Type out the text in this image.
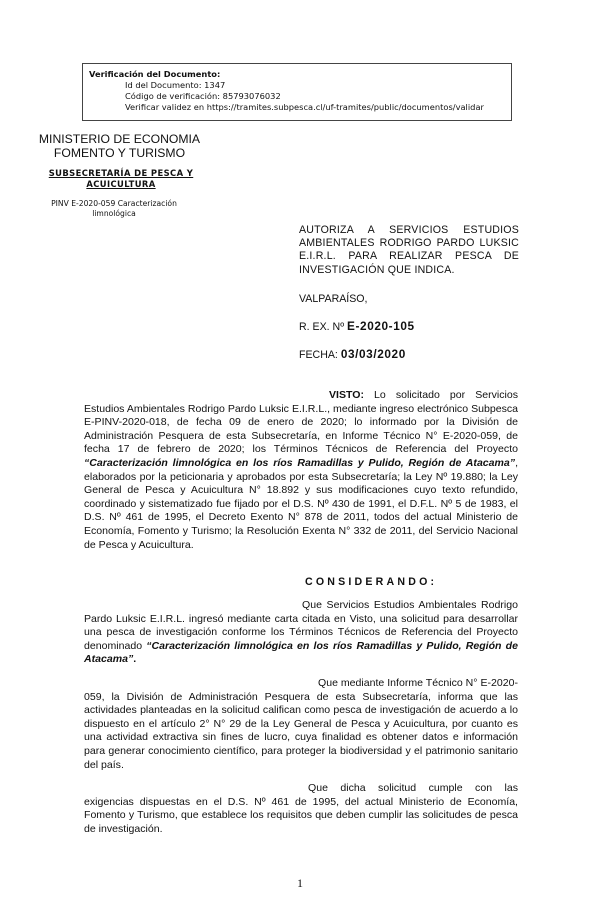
Verificación del Documento:
• Id del Documento: 1347
• Código de verificación: 85793076032
• Verificar validez en https://tramites.subpesca.cl/uf-tramites/public/documentos/validar
MINISTERIO DE ECONOMIA
FOMENTO Y TURISMO
SUBSECRETARÍA DE PESCA Y
ACUICULTURA
PINV E-2020-059 Caracterización
limnológica
AUTORIZA A SERVICIOS ESTUDIOS AMBIENTALES RODRIGO PARDO LUKSIC E.I.R.L. PARA REALIZAR PESCA DE INVESTIGACIÓN QUE INDICA.
VALPARAÍSO,
R. EX. Nº E-2020-105
FECHA: 03/03/2020
VISTO: Lo solicitado por Servicios Estudios Ambientales Rodrigo Pardo Luksic E.I.R.L., mediante ingreso electrónico Subpesca E-PINV-2020-018, de fecha 09 de enero de 2020; lo informado por la División de Administración Pesquera de esta Subsecretaría, en Informe Técnico N° E-2020-059, de fecha 17 de febrero de 2020; los Términos Técnicos de Referencia del Proyecto “Caracterización limnológica en los ríos Ramadillas y Pulido, Región de Atacama”, elaborados por la peticionaria y aprobados por esta Subsecretaría; la Ley Nº 19.880; la Ley General de Pesca y Acuicultura N° 18.892 y sus modificaciones cuyo texto refundido, coordinado y sistematizado fue fijado por el D.S. Nº 430 de 1991, el D.F.L. Nº 5 de 1983, el D.S. Nº 461 de 1995, el Decreto Exento N° 878 de 2011, todos del actual Ministerio de Economía, Fomento y Turismo; la Resolución Exenta N° 332 de 2011, del Servicio Nacional de Pesca y Acuicultura.
CONSIDERANDO:
Que Servicios Estudios Ambientales Rodrigo Pardo Luksic E.I.R.L. ingresó mediante carta citada en Visto, una solicitud para desarrollar una pesca de investigación conforme los Términos Técnicos de Referencia del Proyecto denominado “Caracterización limnológica en los ríos Ramadillas y Pulido, Región de Atacama”.
Que mediante Informe Técnico N° E-2020-059, la División de Administración Pesquera de esta Subsecretaría, informa que las actividades planteadas en la solicitud califican como pesca de investigación de acuerdo a lo dispuesto en el artículo 2° N° 29 de la Ley General de Pesca y Acuicultura, por cuanto es una actividad extractiva sin fines de lucro, cuya finalidad es obtener datos e información para generar conocimiento científico, para proteger la biodiversidad y el patrimonio sanitario del país.
Que dicha solicitud cumple con las exigencias dispuestas en el D.S. Nº 461 de 1995, del actual Ministerio de Economía, Fomento y Turismo, que establece los requisitos que deben cumplir las solicitudes de pesca de investigación.
1
